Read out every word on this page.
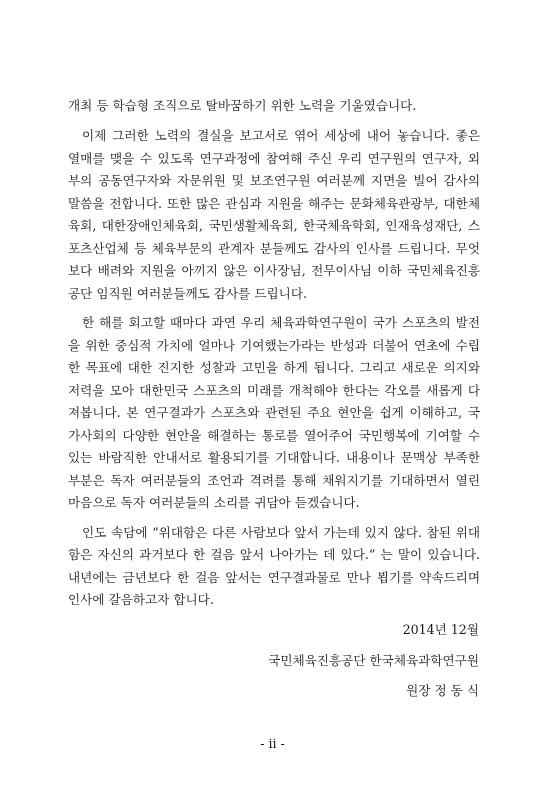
개최 등 학습형 조직으로 탈바꿈하기 위한 노력을 기울였습니다.
이제 그러한 노력의 결실을 보고서로 엮어 세상에 내어 놓습니다. 좋은
열매를 맺을 수 있도록 연구과정에 참여해 주신 우리 연구원의 연구자, 외
부의 공동연구자와 자문위원 및 보조연구원 여러분께 지면을 빌어 감사의
말씀을 전합니다. 또한 많은 관심과 지원을 해주는 문화체육관광부, 대한체
육회, 대한장애인체육회, 국민생활체육회, 한국체육학회, 인재육성재단, 스
포츠산업체 등 체육부문의 관계자 분들께도 감사의 인사를 드립니다. 무엇
보다 배려와 지원을 아끼지 않은 이사장님, 전무이사님 이하 국민체육진흥
공단 임직원 여러분들께도 감사를 드립니다.
한 해를 회고할 때마다 과연 우리 체육과학연구원이 국가 스포츠의 발전
을 위한 중심적 가치에 얼마나 기여했는가라는 반성과 더불어 연초에 수립
한 목표에 대한 진지한 성찰과 고민을 하게 됩니다. 그리고 새로운 의지와
저력을 모아 대한민국 스포츠의 미래를 개척해야 한다는 각오를 새롭게 다
져봅니다. 본 연구결과가 스포츠와 관련된 주요 현안을 쉽게 이해하고, 국
가사회의 다양한 현안을 해결하는 통로를 열어주어 국민행복에 기여할 수
있는 바람직한 안내서로 활용되기를 기대합니다. 내용이나 문맥상 부족한
부분은 독자 여러분들의 조언과 격려를 통해 채워지기를 기대하면서 열린
마음으로 독자 여러분들의 소리를 귀담아 듣겠습니다.
인도 속담에 “위대함은 다른 사람보다 앞서 가는데 있지 않다. 참된 위대
함은 자신의 과거보다 한 걸음 앞서 나아가는 데 있다.” 는 말이 있습니다.
내년에는 금년보다 한 걸음 앞서는 연구결과물로 만나 뵙기를 약속드리며
인사에 갈음하고자 합니다.
2014년 12월
국민체육진흥공단 한국체육과학연구원
원장 정 동 식
- ii -
